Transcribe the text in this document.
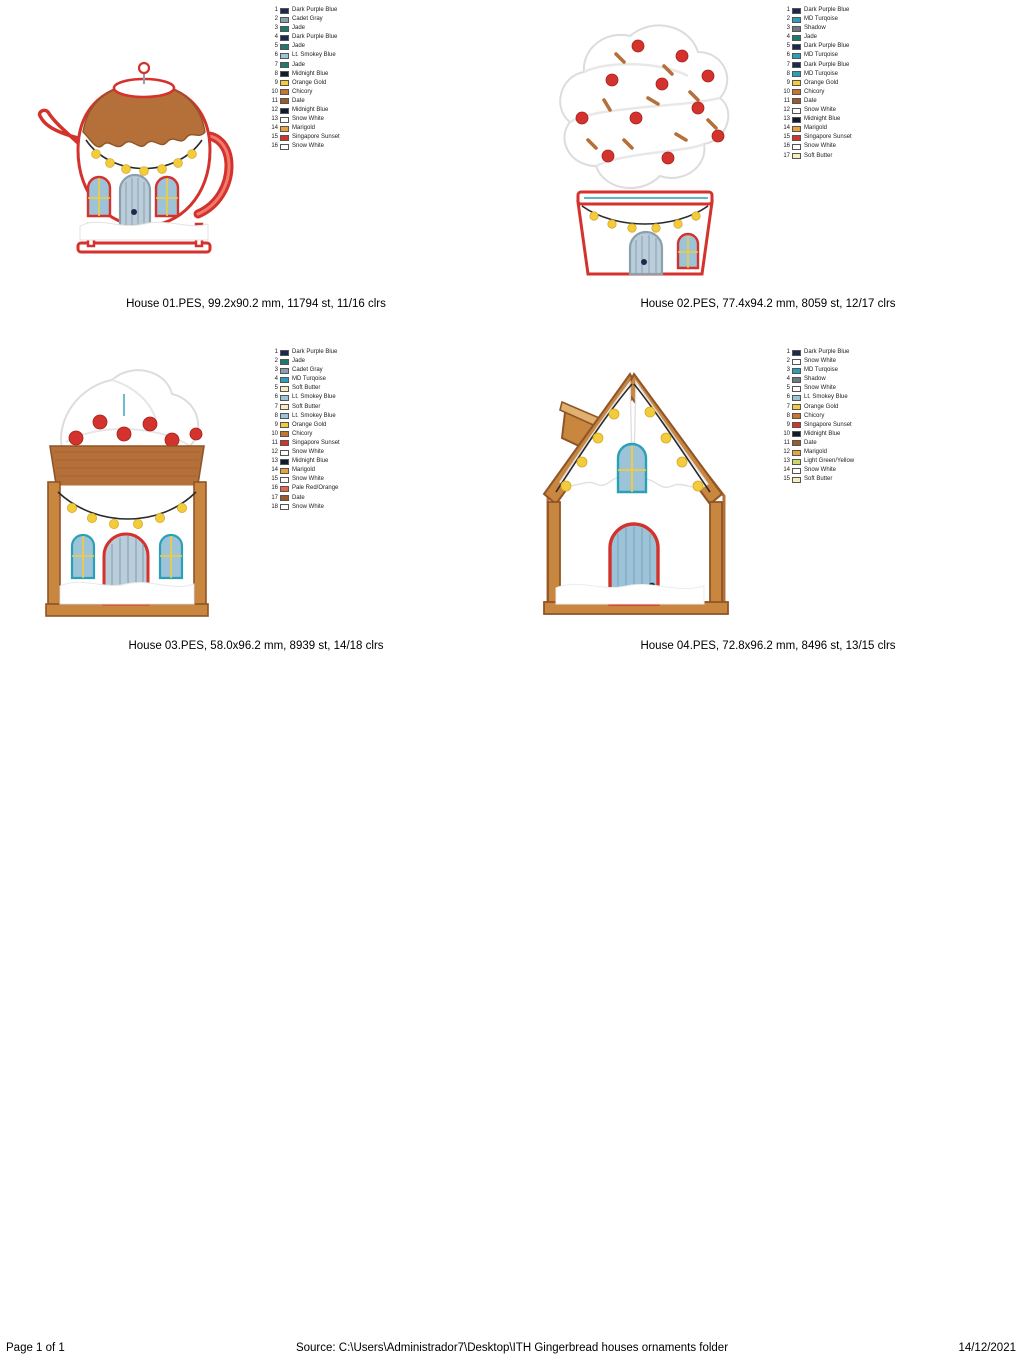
1	Dark Purple Blue
2	Cadet Gray
3	Jade
4	Dark Purple Blue
5	Jade
6	Lt. Smokey Blue
7	Jade
8	Midnight Blue
9	Orange Gold
10	Chicory
11	Date
12	Midnight Blue
13	Snow White
14	Marigold
15	Singapore Sunset
16	Snow White
House 01.PES, 99.2x90.2 mm, 11794 st, 11/16 clrs
1	Dark Purple Blue
2	MD Turqoise
3	Shadow
4	Jade
5	Dark Purple Blue
6	MD Turqoise
7	Dark Purple Blue
8	MD Turqoise
9	Orange Gold
10	Chicory
11	Date
12	Snow White
13	Midnight Blue
14	Marigold
15	Singapore Sunset
16	Snow White
17	Soft Butter
House 02.PES, 77.4x94.2 mm, 8059 st, 12/17 clrs
1	Dark Purple Blue
2	Jade
3	Cadet Gray
4	MD Turqoise
5	Soft Butter
6	Lt. Smokey Blue
7	Soft Butter
8	Lt. Smokey Blue
9	Orange Gold
10	Chicory
11	Singapore Sunset
12	Snow White
13	Midnight Blue
14	Marigold
15	Snow White
16	Pale Red/Orange
17	Date
18	Snow White
House 03.PES, 58.0x96.2 mm, 8939 st, 14/18 clrs
1	Dark Purple Blue
2	Snow White
3	MD Turqoise
4	Shadow
5	Snow White
6	Lt. Smokey Blue
7	Orange Gold
8	Chicory
9	Singapore Sunset
10	Midnight Blue
11	Date
12	Marigold
13	Light Green/Yellow
14	Snow White
15	Soft Butter
House 04.PES, 72.8x96.2 mm, 8496 st, 13/15 clrs
Page 1 of 1	Source: C:\Users\Administrador7\Desktop\ITH Gingerbread houses ornaments folder	14/12/2021
